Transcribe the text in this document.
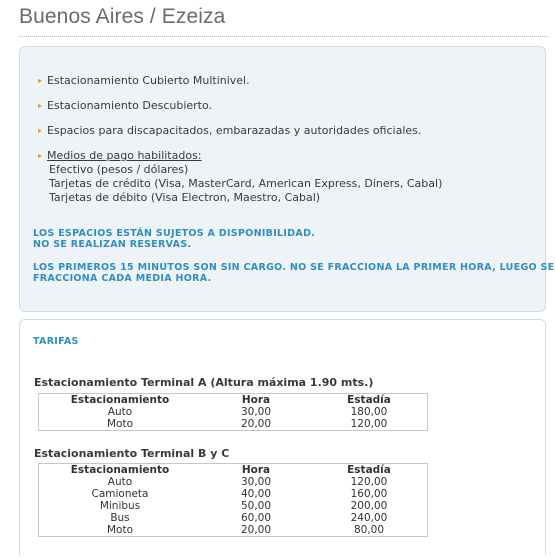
Buenos Aires / Ezeiza
▸ Estacionamiento Cubierto Multinivel.
▸ Estacionamiento Descubierto.
▸ Espacios para discapacitados, embarazadas y autoridades oficiales.
▸ Medios de pago habilitados:
Efectivo (pesos / dólares)
Tarjetas de crédito (Visa, MasterCard, American Express, Diners, Cabal)
Tarjetas de débito (Visa Electron, Maestro, Cabal)
LOS ESPACIOS ESTÁN SUJETOS A DISPONIBILIDAD.
NO SE REALIZAN RESERVAS.
LOS PRIMEROS 15 MINUTOS SON SIN CARGO. NO SE FRACCIONA LA PRIMER HORA, LUEGO SE
FRACCIONA CADA MEDIA HORA.
TARIFAS
Estacionamiento Terminal A (Altura máxima 1.90 mts.)
Estacionamiento	Hora	Estadía
Auto	30,00	180,00
Moto	20,00	120,00
Estacionamiento Terminal B y C
Estacionamiento	Hora	Estadía
Auto	30,00	120,00
Camioneta	40,00	160,00
Minibus	50,00	200,00
Bus	60,00	240,00
Moto	20,00	80,00
